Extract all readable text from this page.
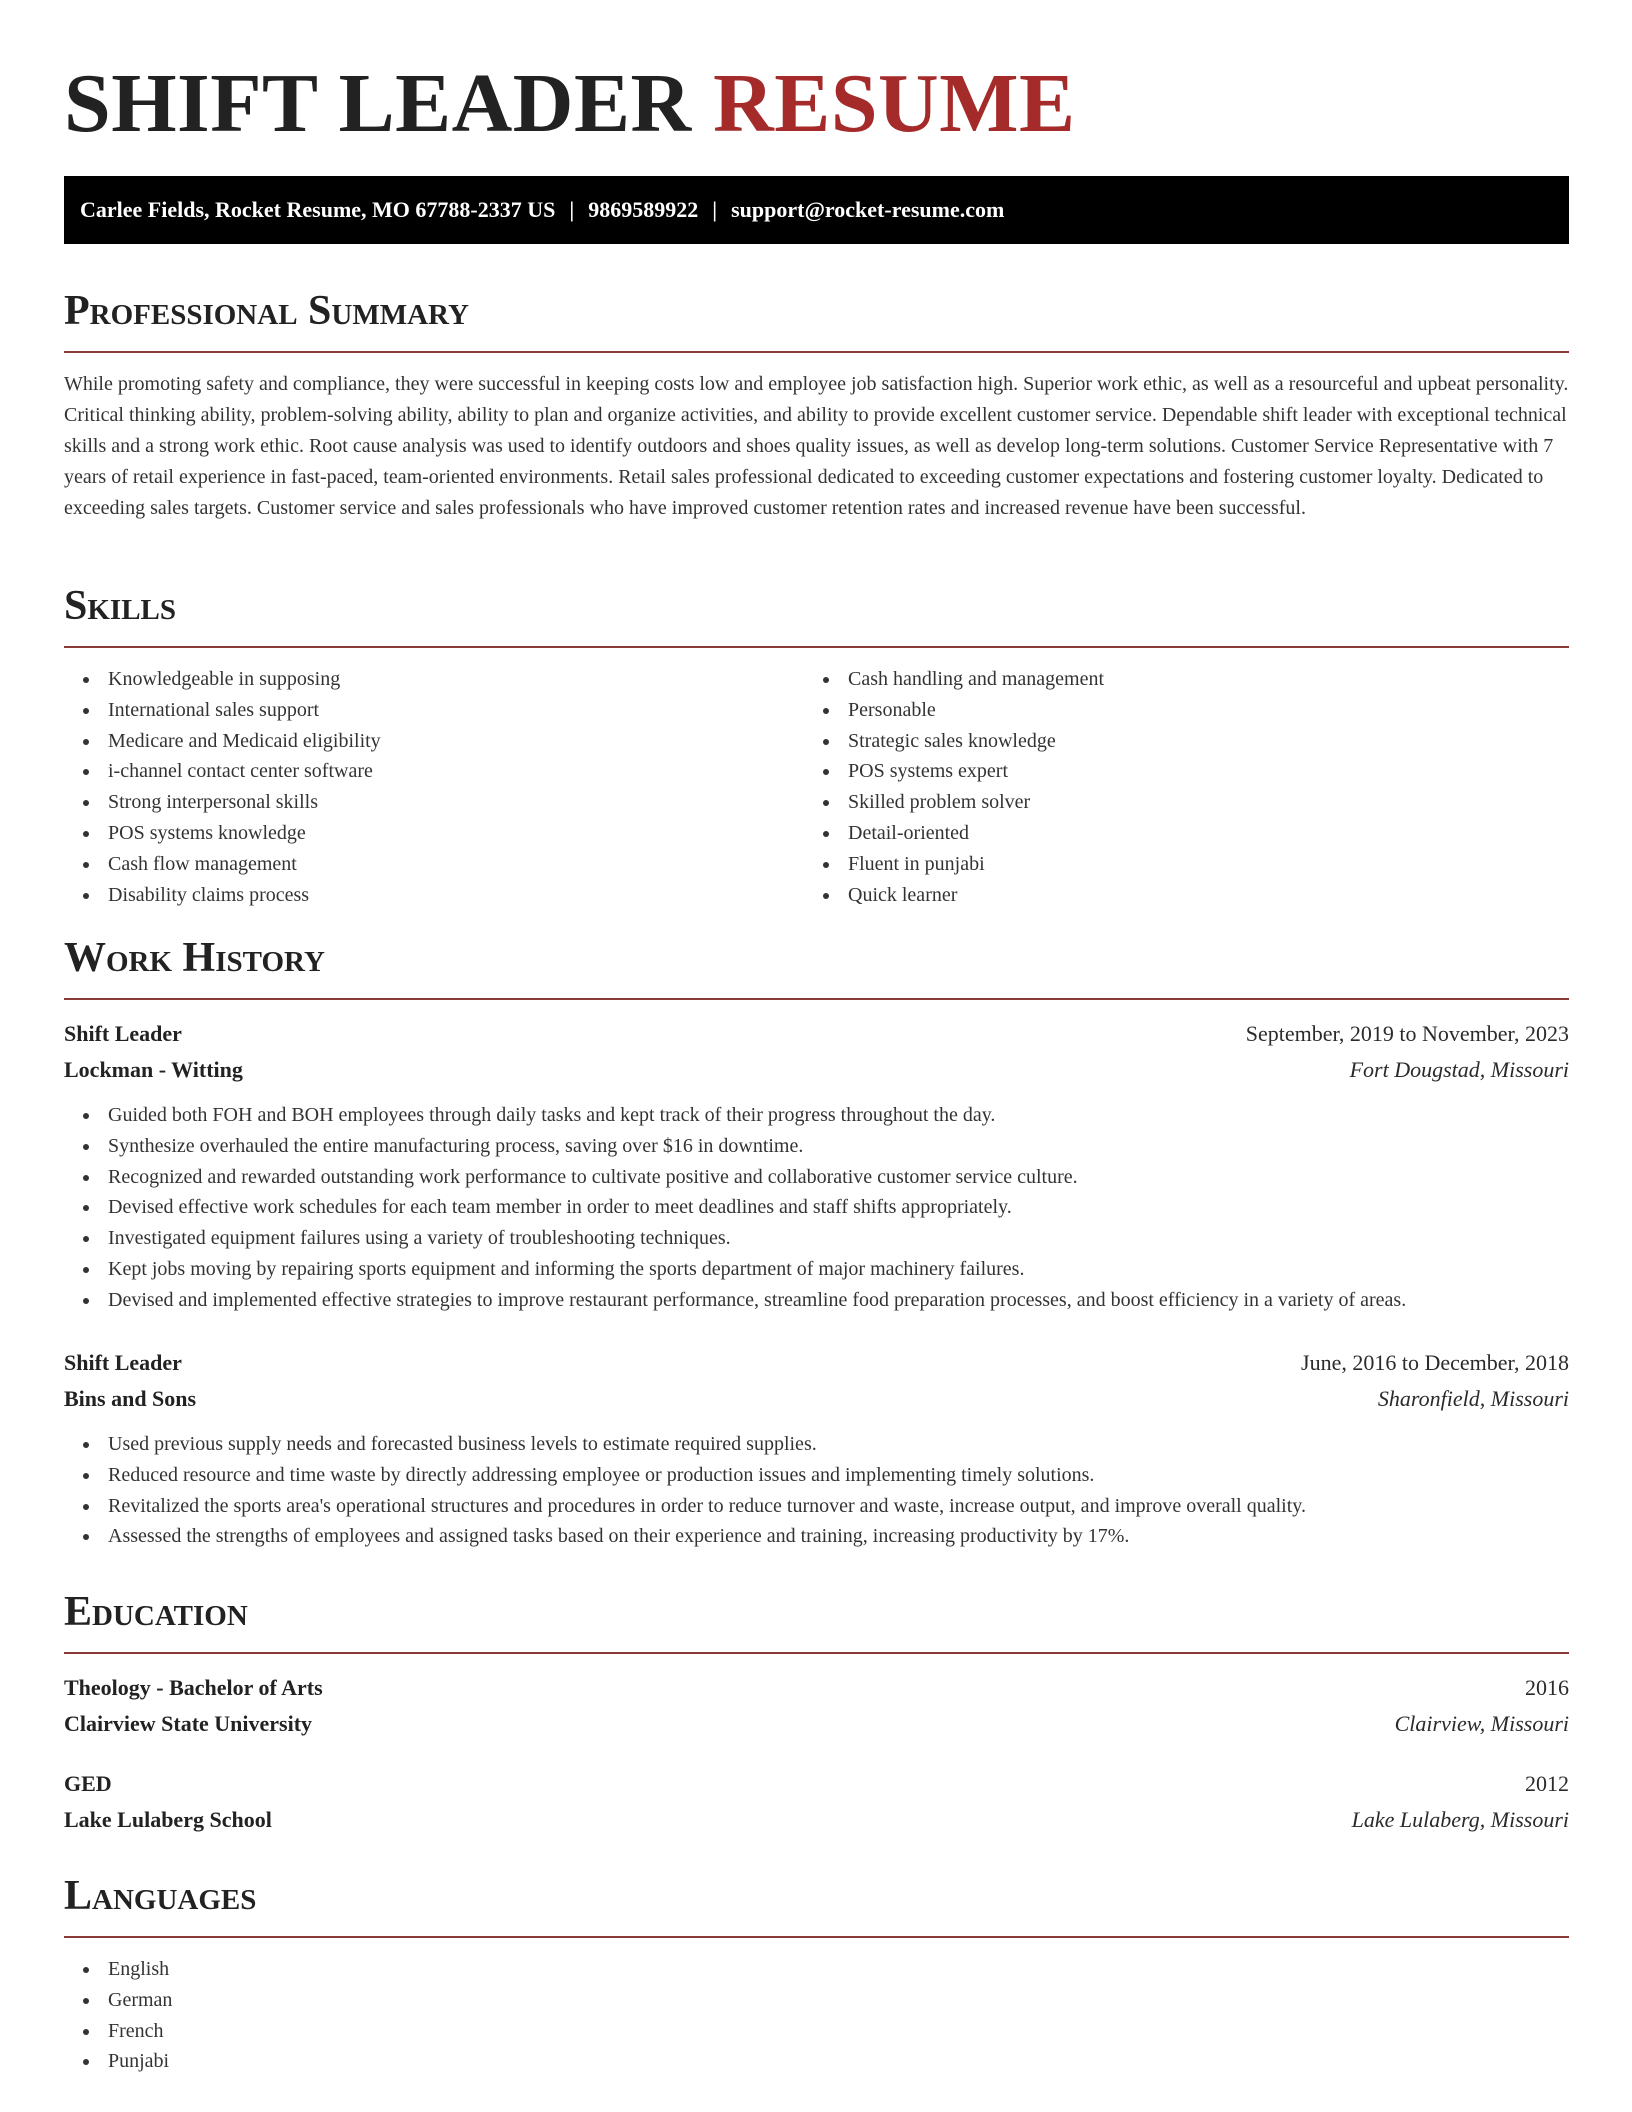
SHIFT LEADER RESUME
Carlee Fields, Rocket Resume, MO 67788-2337 US | 9869589922 | support@rocket-resume.com
Professional Summary

While promoting safety and compliance, they were successful in keeping costs low and employee job satisfaction high. Superior work ethic, as well as a resourceful and upbeat personality. Critical thinking ability, problem-solving ability, ability to plan and organize activities, and ability to provide excellent customer service. Dependable shift leader with exceptional technical skills and a strong work ethic. Root cause analysis was used to identify outdoors and shoes quality issues, as well as develop long-term solutions. Customer Service Representative with 7 years of retail experience in fast-paced, team-oriented environments. Retail sales professional dedicated to exceeding customer expectations and fostering customer loyalty. Dedicated to exceeding sales targets. Customer service and sales professionals who have improved customer retention rates and increased revenue have been successful.

Skills
Knowledgeable in supposing
International sales support
Medicare and Medicaid eligibility
i-channel contact center software
Strong interpersonal skills
POS systems knowledge
Cash flow management
Disability claims process
Cash handling and management
Personable
Strategic sales knowledge
POS systems expert
Skilled problem solver
Detail-oriented
Fluent in punjabi
Quick learner
Work History
Shift Leader	September, 2019 to November, 2023
Lockman - Witting	Fort Dougstad, Missouri
Guided both FOH and BOH employees through daily tasks and kept track of their progress throughout the day.
Synthesize overhauled the entire manufacturing process, saving over $16 in downtime.
Recognized and rewarded outstanding work performance to cultivate positive and collaborative customer service culture.
Devised effective work schedules for each team member in order to meet deadlines and staff shifts appropriately.
Investigated equipment failures using a variety of troubleshooting techniques.
Kept jobs moving by repairing sports equipment and informing the sports department of major machinery failures.
Devised and implemented effective strategies to improve restaurant performance, streamline food preparation processes, and boost efficiency in a variety of areas.
Shift Leader	June, 2016 to December, 2018
Bins and Sons	Sharonfield, Missouri
Used previous supply needs and forecasted business levels to estimate required supplies.
Reduced resource and time waste by directly addressing employee or production issues and implementing timely solutions.
Revitalized the sports area's operational structures and procedures in order to reduce turnover and waste, increase output, and improve overall quality.
Assessed the strengths of employees and assigned tasks based on their experience and training, increasing productivity by 17%.
Education
Theology - Bachelor of Arts	2016
Clairview State University	Clairview, Missouri
GED	2012
Lake Lulaberg School	Lake Lulaberg, Missouri
Languages
English
German
French
Punjabi
